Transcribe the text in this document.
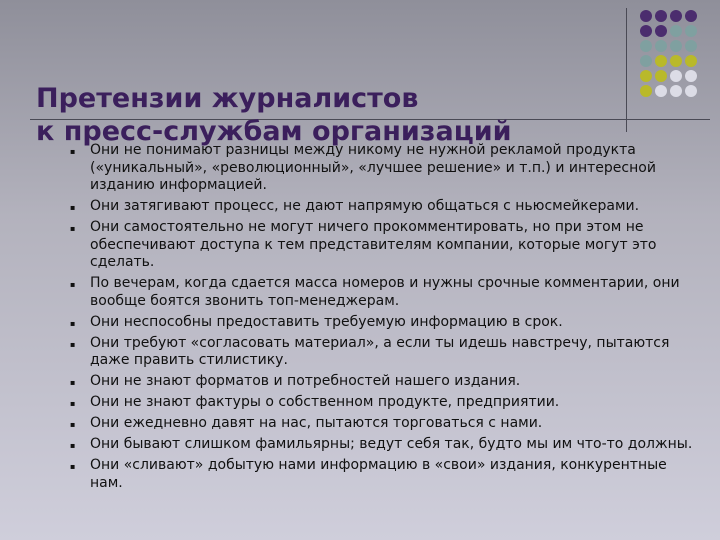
Претензии журналистов
к пресс-службам организаций
▪ Они не понимают разницы между никому не нужной рекламой продукта («уникальный», «революционный», «лучшее решение» и т.п.) и интересной изданию информацией.
▪ Они затягивают процесс, не дают напрямую общаться с ньюсмейкерами.
▪ Они самостоятельно не могут ничего прокомментировать, но при этом не обеспечивают доступа к тем представителям компании, которые могут это сделать.
▪ По вечерам, когда сдается масса номеров и нужны срочные комментарии, они вообще боятся звонить топ-менеджерам.
▪ Они неспособны предоставить требуемую информацию в срок.
▪ Они требуют «согласовать материал», а если ты идешь навстречу, пытаются даже править стилистику.
▪ Они не знают форматов и потребностей нашего издания.
▪ Они не знают фактуры о собственном продукте, предприятии.
▪ Они ежедневно давят на нас, пытаются торговаться с нами.
▪ Они бывают слишком фамильярны; ведут себя так, будто мы им что-то должны.
▪ Они «сливают» добытую нами информацию в «свои» издания, конкурентные нам.
